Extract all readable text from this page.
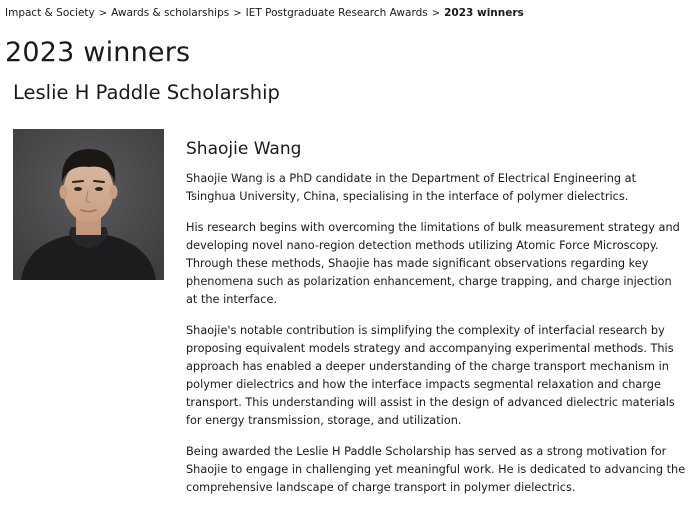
Impact & Society > Awards & scholarships > IET Postgraduate Research Awards > 2023 winners
2023 winners
Leslie H Paddle Scholarship
Shaojie Wang

Shaojie Wang is a PhD candidate in the Department of Electrical Engineering at Tsinghua University, China, specialising in the interface of polymer dielectrics.

His research begins with overcoming the limitations of bulk measurement strategy and developing novel nano-region detection methods utilizing Atomic Force Microscopy. Through these methods, Shaojie has made significant observations regarding key phenomena such as polarization enhancement, charge trapping, and charge injection at the interface.

Shaojie's notable contribution is simplifying the complexity of interfacial research by proposing equivalent models strategy and accompanying experimental methods. This approach has enabled a deeper understanding of the charge transport mechanism in polymer dielectrics and how the interface impacts segmental relaxation and charge transport. This understanding will assist in the design of advanced dielectric materials for energy transmission, storage, and utilization.

Being awarded the Leslie H Paddle Scholarship has served as a strong motivation for Shaojie to engage in challenging yet meaningful work. He is dedicated to advancing the comprehensive landscape of charge transport in polymer dielectrics.
